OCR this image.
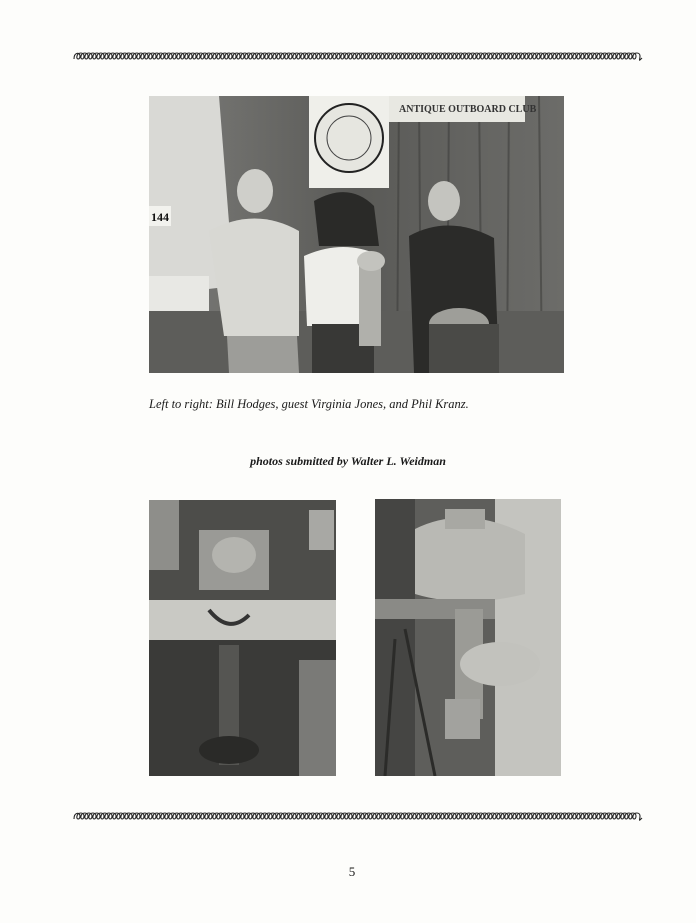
144
ANTIQUE OUTBOARD CLUB
Left to right: Bill Hodges, guest Virginia Jones, and Phil Kranz.
photos submitted by Walter L. Weidman
5
